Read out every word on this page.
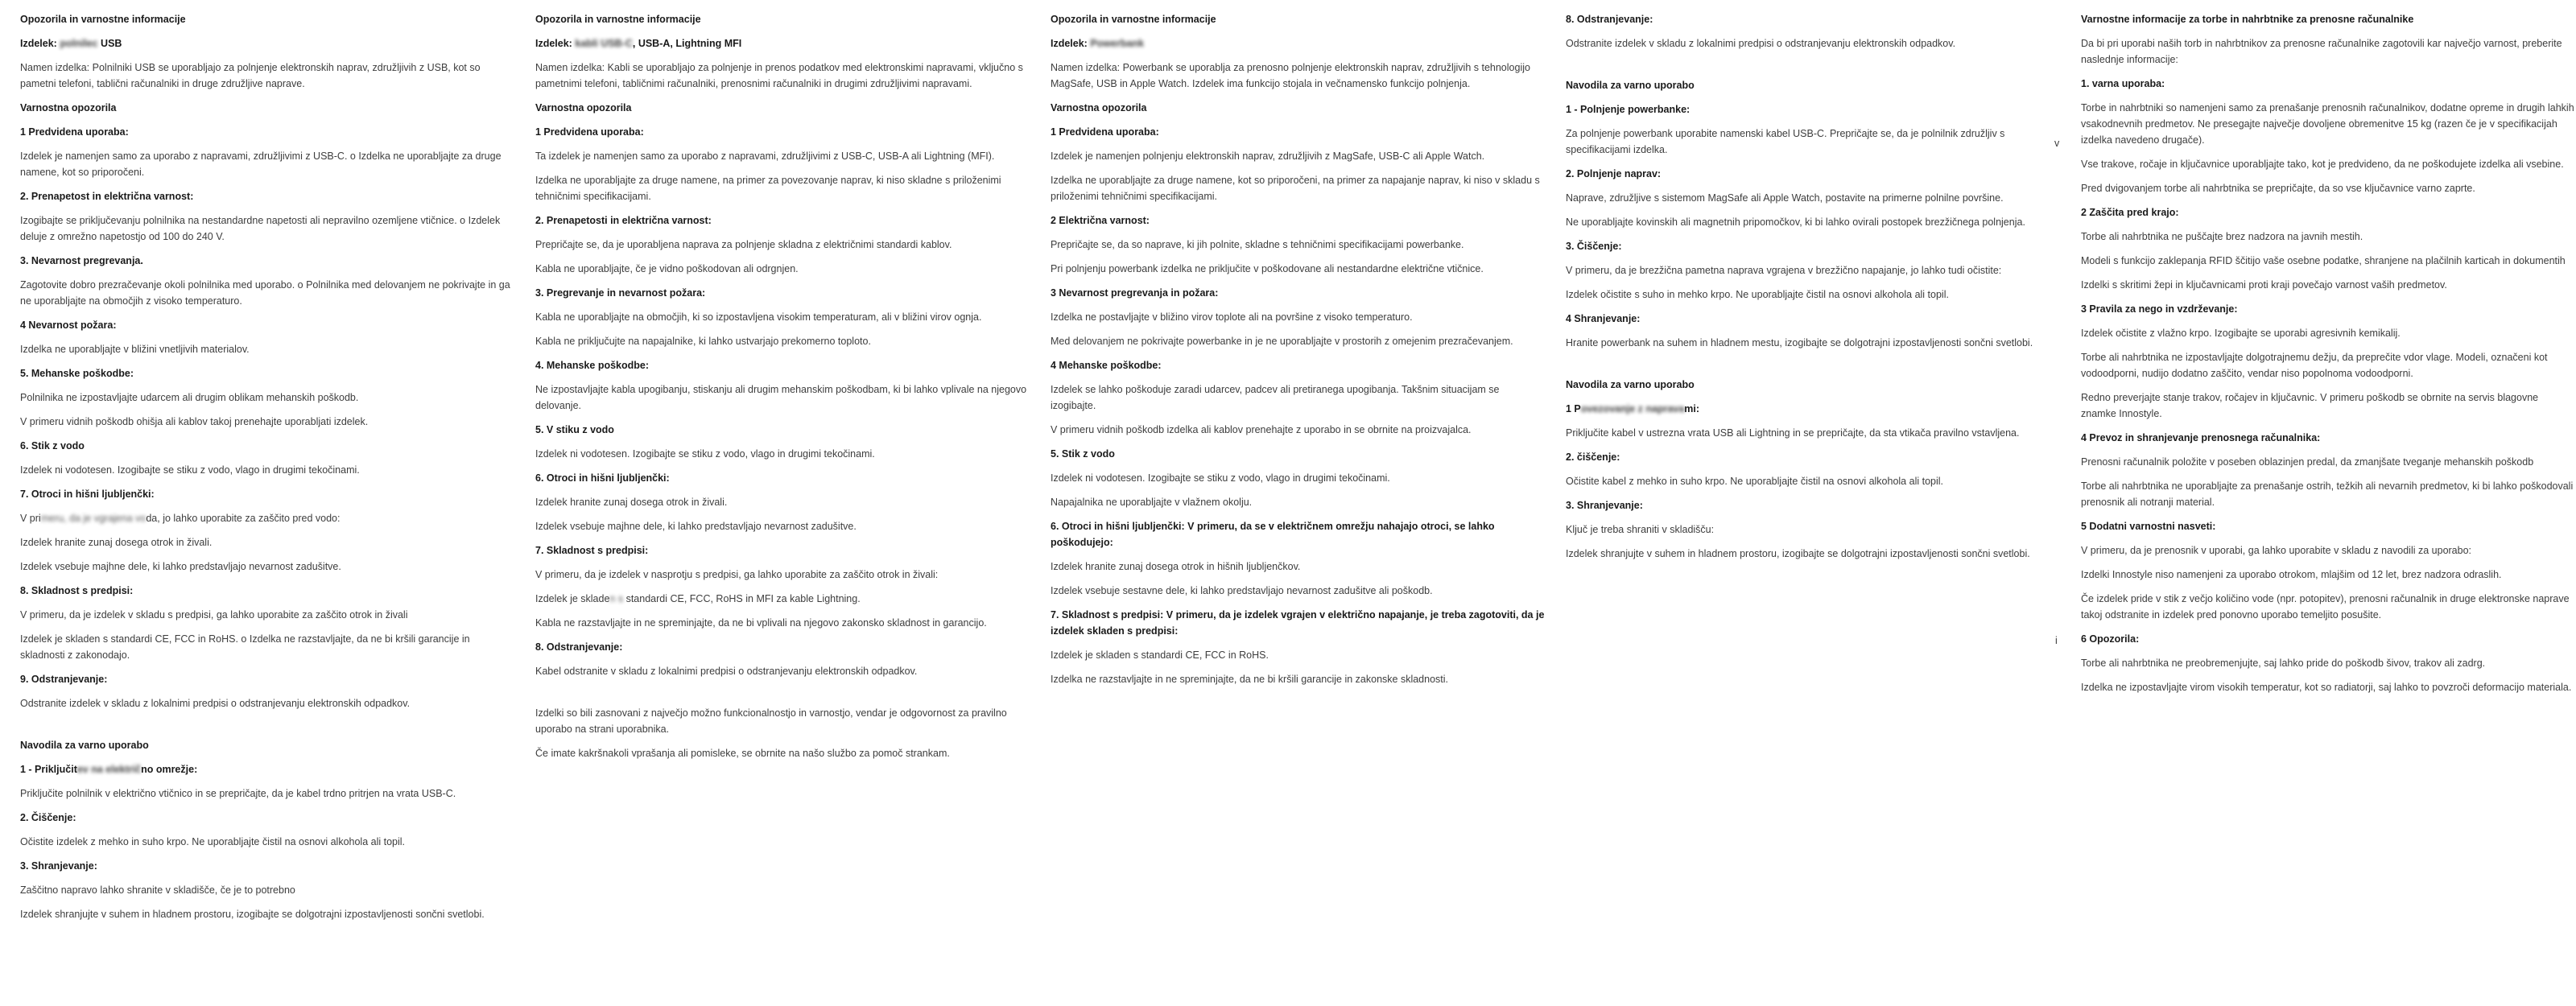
v
i
Opozorila in varnostne informacije
Izdelek: polnilec USB

Namen izdelka: Polnilniki USB se uporabljajo za polnjenje elektronskih naprav, združljivih z USB, kot so pametni telefoni, tablični računalniki in druge združljive naprave.

Varnostna opozorila
1 Predvidena uporaba:

Izdelek je namenjen samo za uporabo z napravami, združljivimi z USB-C. o Izdelka ne uporabljajte za druge namene, kot so priporočeni.

2. Prenapetost in električna varnost:

Izogibajte se priključevanju polnilnika na nestandardne napetosti ali nepravilno ozemljene vtičnice. o Izdelek deluje z omrežno napetostjo od 100 do 240 V.

3. Nevarnost pregrevanja.

Zagotovite dobro prezračevanje okoli polnilnika med uporabo. o Polnilnika med delovanjem ne pokrivajte in ga ne uporabljajte na območjih z visoko temperaturo.

4 Nevarnost požara:

Izdelka ne uporabljajte v bližini vnetljivih materialov.

5. Mehanske poškodbe:

Polnilnika ne izpostavljajte udarcem ali drugim oblikam mehanskih poškodb.

V primeru vidnih poškodb ohišja ali kablov takoj prenehajte uporabljati izdelek.

6. Stik z vodo

Izdelek ni vodotesen. Izogibajte se stiku z vodo, vlago in drugimi tekočinami.

7. Otroci in hišni ljubljenčki:

V primeru, da je vgrajena voda, jo lahko uporabite za zaščito pred vodo:

Izdelek hranite zunaj dosega otrok in živali.

Izdelek vsebuje majhne dele, ki lahko predstavljajo nevarnost zadušitve.

8. Skladnost s predpisi:

V primeru, da je izdelek v skladu s predpisi, ga lahko uporabite za zaščito otrok in živali

Izdelek je skladen s standardi CE, FCC in RoHS. o Izdelka ne razstavljajte, da ne bi kršili garancije in skladnosti z zakonodajo.

9. Odstranjevanje:

Odstranite izdelek v skladu z lokalnimi predpisi o odstranjevanju elektronskih odpadkov.

Navodila za varno uporabo
1 - Priključitev na električno omrežje:

Priključite polnilnik v električno vtičnico in se prepričajte, da je kabel trdno pritrjen na vrata USB-C.

2. Čiščenje:

Očistite izdelek z mehko in suho krpo. Ne uporabljajte čistil na osnovi alkohola ali topil.

3. Shranjevanje:

Zaščitno napravo lahko shranite v skladišče, če je to potrebno

Izdelek shranjujte v suhem in hladnem prostoru, izogibajte se dolgotrajni izpostavljenosti sončni svetlobi.

Opozorila in varnostne informacije
Izdelek: kabli USB-C, USB-A, Lightning MFI

Namen izdelka: Kabli se uporabljajo za polnjenje in prenos podatkov med elektronskimi napravami, vključno s pametnimi telefoni, tabličnimi računalniki, prenosnimi računalniki in drugimi združljivimi napravami.

Varnostna opozorila
1 Predvidena uporaba:

Ta izdelek je namenjen samo za uporabo z napravami, združljivimi z USB-C, USB-A ali Lightning (MFI).

Izdelka ne uporabljajte za druge namene, na primer za povezovanje naprav, ki niso skladne s priloženimi tehničnimi specifikacijami.

2. Prenapetosti in električna varnost:

Prepričajte se, da je uporabljena naprava za polnjenje skladna z električnimi standardi kablov.

Kabla ne uporabljajte, če je vidno poškodovan ali odrgnjen.

3. Pregrevanje in nevarnost požara:

Kabla ne uporabljajte na območjih, ki so izpostavljena visokim temperaturam, ali v bližini virov ognja.

Kabla ne priključujte na napajalnike, ki lahko ustvarjajo prekomerno toploto.

4. Mehanske poškodbe:

Ne izpostavljajte kabla upogibanju, stiskanju ali drugim mehanskim poškodbam, ki bi lahko vplivale na njegovo delovanje.

5. V stiku z vodo

Izdelek ni vodotesen. Izogibajte se stiku z vodo, vlago in drugimi tekočinami.

6. Otroci in hišni ljubljenčki:

Izdelek hranite zunaj dosega otrok in živali.

Izdelek vsebuje majhne dele, ki lahko predstavljajo nevarnost zadušitve.

7. Skladnost s predpisi:

V primeru, da je izdelek v nasprotju s predpisi, ga lahko uporabite za zaščito otrok in živali:

Izdelek je skladen s standardi CE, FCC, RoHS in MFI za kable Lightning.

Kabla ne razstavljajte in ne spreminjajte, da ne bi vplivali na njegovo zakonsko skladnost in garancijo.

8. Odstranjevanje:

Kabel odstranite v skladu z lokalnimi predpisi o odstranjevanju elektronskih odpadkov.

Izdelki so bili zasnovani z največjo možno funkcionalnostjo in varnostjo, vendar je odgovornost za pravilno uporabo na strani uporabnika.

Če imate kakršnakoli vprašanja ali pomisleke, se obrnite na našo službo za pomoč strankam.

Opozorila in varnostne informacije
Izdelek: Powerbank

Namen izdelka: Powerbank se uporablja za prenosno polnjenje elektronskih naprav, združljivih s tehnologijo MagSafe, USB in Apple Watch. Izdelek ima funkcijo stojala in večnamensko funkcijo polnjenja.

Varnostna opozorila
1 Predvidena uporaba:

Izdelek je namenjen polnjenju elektronskih naprav, združljivih z MagSafe, USB-C ali Apple Watch.

Izdelka ne uporabljajte za druge namene, kot so priporočeni, na primer za napajanje naprav, ki niso v skladu s priloženimi tehničnimi specifikacijami.

2 Električna varnost:

Prepričajte se, da so naprave, ki jih polnite, skladne s tehničnimi specifikacijami powerbanke.

Pri polnjenju powerbank izdelka ne priključite v poškodovane ali nestandardne električne vtičnice.

3 Nevarnost pregrevanja in požara:

Izdelka ne postavljajte v bližino virov toplote ali na površine z visoko temperaturo.

Med delovanjem ne pokrivajte powerbanke in je ne uporabljajte v prostorih z omejenim prezračevanjem.

4 Mehanske poškodbe:

Izdelek se lahko poškoduje zaradi udarcev, padcev ali pretiranega upogibanja. Takšnim situacijam se izogibajte.

V primeru vidnih poškodb izdelka ali kablov prenehajte z uporabo in se obrnite na proizvajalca.

5. Stik z vodo

Izdelek ni vodotesen. Izogibajte se stiku z vodo, vlago in drugimi tekočinami.

Napajalnika ne uporabljajte v vlažnem okolju.

6. Otroci in hišni ljubljenčki: V primeru, da se v električnem omrežju nahajajo otroci, se lahko poškodujejo:

Izdelek hranite zunaj dosega otrok in hišnih ljubljenčkov.

Izdelek vsebuje sestavne dele, ki lahko predstavljajo nevarnost zadušitve ali poškodb.

7. Skladnost s predpisi: V primeru, da je izdelek vgrajen v električno napajanje, je treba zagotoviti, da je izdelek skladen s predpisi:

Izdelek je skladen s standardi CE, FCC in RoHS.

Izdelka ne razstavljajte in ne spreminjajte, da ne bi kršili garancije in zakonske skladnosti.

8. Odstranjevanje:

Odstranite izdelek v skladu z lokalnimi predpisi o odstranjevanju elektronskih odpadkov.

Navodila za varno uporabo
1 - Polnjenje powerbanke:

Za polnjenje powerbank uporabite namenski kabel USB-C. Prepričajte se, da je polnilnik združljiv s specifikacijami izdelka.

2. Polnjenje naprav:

Naprave, združljive s sistemom MagSafe ali Apple Watch, postavite na primerne polnilne površine.

Ne uporabljajte kovinskih ali magnetnih pripomočkov, ki bi lahko ovirali postopek brezžičnega polnjenja.

3. Čiščenje:

V primeru, da je brezžična pametna naprava vgrajena v brezžično napajanje, jo lahko tudi očistite:

Izdelek očistite s suho in mehko krpo. Ne uporabljajte čistil na osnovi alkohola ali topil.

4 Shranjevanje:

Hranite powerbank na suhem in hladnem mestu, izogibajte se dolgotrajni izpostavljenosti sončni svetlobi.

Navodila za varno uporabo
1 Povezovanje z napravami:

Priključite kabel v ustrezna vrata USB ali Lightning in se prepričajte, da sta vtikača pravilno vstavljena.

2. čiščenje:

Očistite kabel z mehko in suho krpo. Ne uporabljajte čistil na osnovi alkohola ali topil.

3. Shranjevanje:

Ključ je treba shraniti v skladišču:

Izdelek shranjujte v suhem in hladnem prostoru, izogibajte se dolgotrajni izpostavljenosti sončni svetlobi.

Varnostne informacije za torbe in nahrbtnike za prenosne računalnike

Da bi pri uporabi naših torb in nahrbtnikov za prenosne računalnike zagotovili kar največjo varnost, preberite naslednje informacije:

1. varna uporaba:

Torbe in nahrbtniki so namenjeni samo za prenašanje prenosnih računalnikov, dodatne opreme in drugih lahkih vsakodnevnih predmetov. Ne presegajte največje dovoljene obremenitve 15 kg (razen če je v specifikacijah izdelka navedeno drugače).

Vse trakove, ročaje in ključavnice uporabljajte tako, kot je predvideno, da ne poškodujete izdelka ali vsebine.

Pred dvigovanjem torbe ali nahrbtnika se prepričajte, da so vse ključavnice varno zaprte.

2 Zaščita pred krajo:

Torbe ali nahrbtnika ne puščajte brez nadzora na javnih mestih.

Modeli s funkcijo zaklepanja RFID ščitijo vaše osebne podatke, shranjene na plačilnih karticah in dokumentih

Izdelki s skritimi žepi in ključavnicami proti kraji povečajo varnost vaših predmetov.

3 Pravila za nego in vzdrževanje:

Izdelek očistite z vlažno krpo. Izogibajte se uporabi agresivnih kemikalij.

Torbe ali nahrbtnika ne izpostavljajte dolgotrajnemu dežju, da preprečite vdor vlage. Modeli, označeni kot vodoodporni, nudijo dodatno zaščito, vendar niso popolnoma vodoodporni.

Redno preverjajte stanje trakov, ročajev in ključavnic. V primeru poškodb se obrnite na servis blagovne znamke Innostyle.

4 Prevoz in shranjevanje prenosnega računalnika:

Prenosni računalnik položite v poseben oblazinjen predal, da zmanjšate tveganje mehanskih poškodb

Torbe ali nahrbtnika ne uporabljajte za prenašanje ostrih, težkih ali nevarnih predmetov, ki bi lahko poškodovali prenosnik ali notranji material.

5 Dodatni varnostni nasveti:

V primeru, da je prenosnik v uporabi, ga lahko uporabite v skladu z navodili za uporabo:

Izdelki Innostyle niso namenjeni za uporabo otrokom, mlajšim od 12 let, brez nadzora odraslih.

Če izdelek pride v stik z večjo količino vode (npr. potopitev), prenosni računalnik in druge elektronske naprave takoj odstranite in izdelek pred ponovno uporabo temeljito posušite.

6 Opozorila:

Torbe ali nahrbtnika ne preobremenjujte, saj lahko pride do poškodb šivov, trakov ali zadrg.

Izdelka ne izpostavljajte virom visokih temperatur, kot so radiatorji, saj lahko to povzroči deformacijo materiala.
